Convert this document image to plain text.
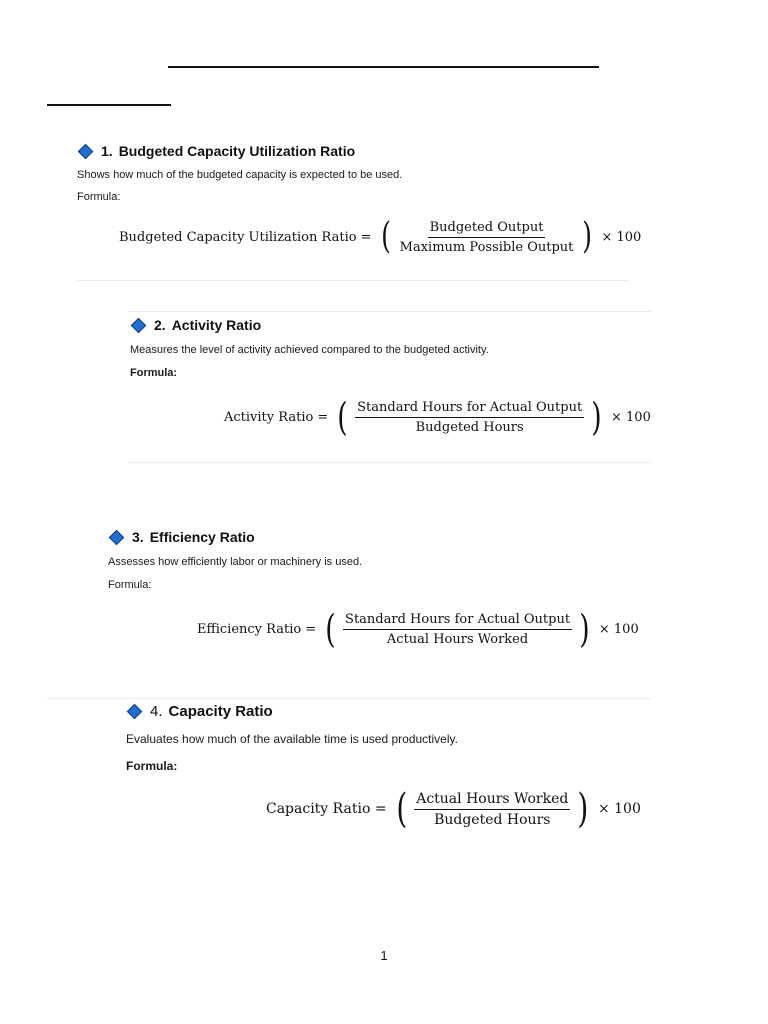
1. Budgeted Capacity Utilization Ratio
Shows how much of the budgeted capacity is expected to be used.
Formula:
Budgeted Capacity Utilization Ratio = ( $\frac{\text{Budgeted Output}}{\text{Maximum Possible Output}}$ ) × 100
2. Activity Ratio
Measures the level of activity achieved compared to the budgeted activity.
Formula:
Activity Ratio = ( $\frac{\text{Standard Hours for Actual Output}}{\text{Budgeted Hours}}$ ) × 100
3. Efficiency Ratio
Assesses how efficiently labor or machinery is used.
Formula:
Efficiency Ratio = ( $\frac{\text{Standard Hours for Actual Output}}{\text{Actual Hours Worked}}$ ) × 100
4. Capacity Ratio
Evaluates how much of the available time is used productively.
Formula:
Capacity Ratio = ( $\frac{\text{Actual Hours Worked}}{\text{Budgeted Hours}}$ ) × 100
1
